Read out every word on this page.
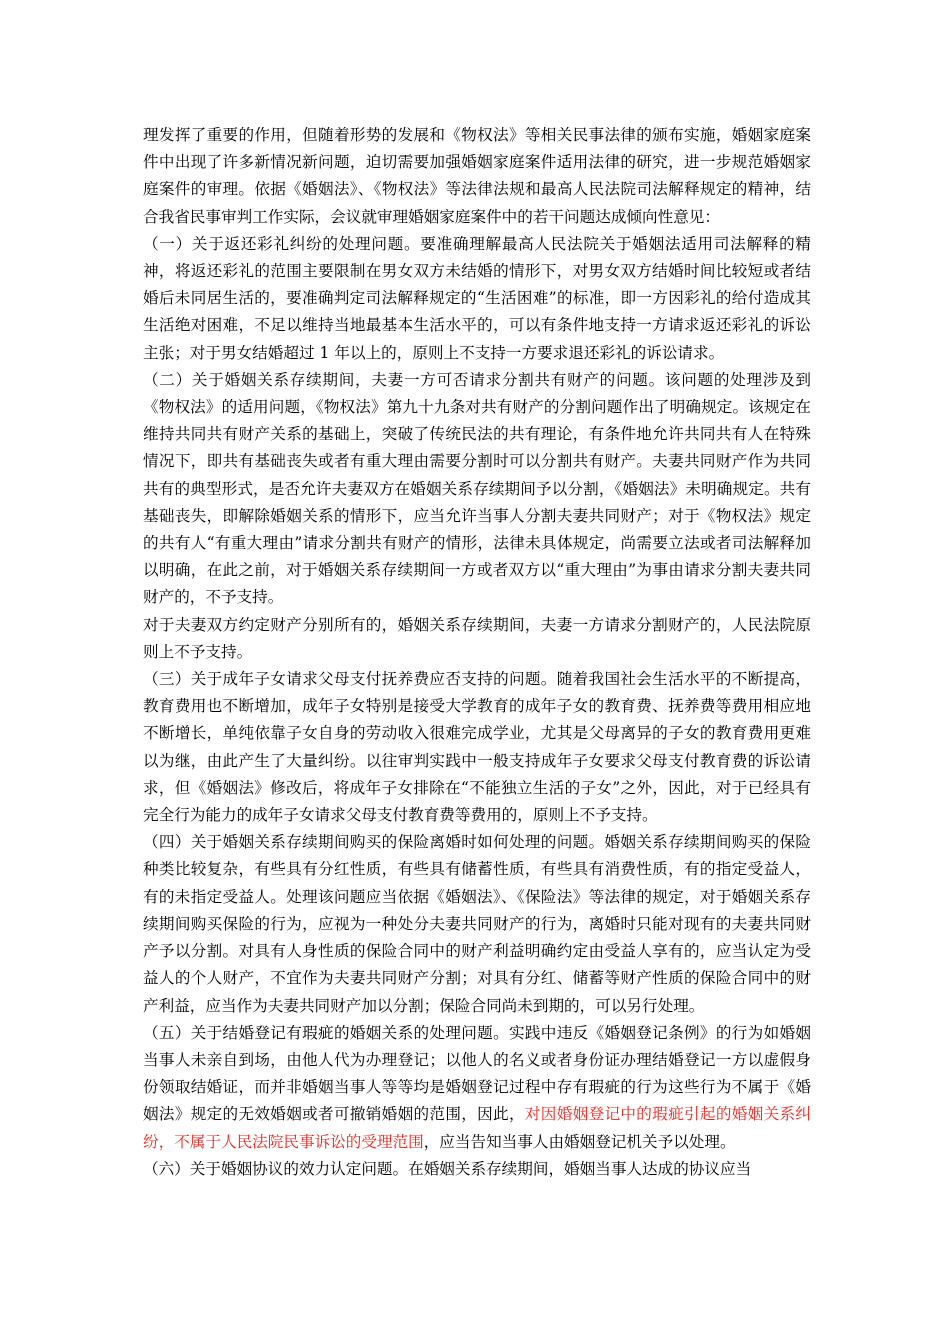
理发挥了重要的作用，但随着形势的发展和《物权法》等相关民事法律的颁布实施，婚姻家庭案件中出现了许多新情况新问题，迫切需要加强婚姻家庭案件适用法律的研究，进一步规范婚姻家庭案件的审理。依据《婚姻法》、《物权法》等法律法规和最高人民法院司法解释规定的精神，结合我省民事审判工作实际，会议就审理婚姻家庭案件中的若干问题达成倾向性意见：

（一）关于返还彩礼纠纷的处理问题。要准确理解最高人民法院关于婚姻法适用司法解释的精神，将返还彩礼的范围主要限制在男女双方未结婚的情形下，对男女双方结婚时间比较短或者结婚后未同居生活的，要准确判定司法解释规定的“生活困难”的标准，即一方因彩礼的给付造成其生活绝对困难，不足以维持当地最基本生活水平的，可以有条件地支持一方请求返还彩礼的诉讼主张；对于男女结婚超过 1 年以上的，原则上不支持一方要求退还彩礼的诉讼请求。

（二）关于婚姻关系存续期间，夫妻一方可否请求分割共有财产的问题。该问题的处理涉及到《物权法》的适用问题，《物权法》第九十九条对共有财产的分割问题作出了明确规定。该规定在维持共同共有财产关系的基础上，突破了传统民法的共有理论，有条件地允许共同共有人在特殊情况下，即共有基础丧失或者有重大理由需要分割时可以分割共有财产。夫妻共同财产作为共同共有的典型形式，是否允许夫妻双方在婚姻关系存续期间予以分割，《婚姻法》未明确规定。共有基础丧失，即解除婚姻关系的情形下，应当允许当事人分割夫妻共同财产；对于《物权法》规定的共有人“有重大理由”请求分割共有财产的情形，法律未具体规定，尚需要立法或者司法解释加以明确，在此之前，对于婚姻关系存续期间一方或者双方以“重大理由”为事由请求分割夫妻共同财产的，不予支持。

对于夫妻双方约定财产分别所有的，婚姻关系存续期间，夫妻一方请求分割财产的，人民法院原则上不予支持。

（三）关于成年子女请求父母支付抚养费应否支持的问题。随着我国社会生活水平的不断提高，教育费用也不断增加，成年子女特别是接受大学教育的成年子女的教育费、抚养费等费用相应地不断增长，单纯依靠子女自身的劳动收入很难完成学业，尤其是父母离异的子女的教育费用更难以为继，由此产生了大量纠纷。以往审判实践中一般支持成年子女要求父母支付教育费的诉讼请求，但《婚姻法》修改后，将成年子女排除在“不能独立生活的子女”之外，因此，对于已经具有完全行为能力的成年子女请求父母支付教育费等费用的，原则上不予支持。

（四）关于婚姻关系存续期间购买的保险离婚时如何处理的问题。婚姻关系存续期间购买的保险种类比较复杂，有些具有分红性质，有些具有储蓄性质，有些具有消费性质，有的指定受益人，有的未指定受益人。处理该问题应当依据《婚姻法》、《保险法》等法律的规定，对于婚姻关系存续期间购买保险的行为，应视为一种处分夫妻共同财产的行为，离婚时只能对现有的夫妻共同财产予以分割。对具有人身性质的保险合同中的财产利益明确约定由受益人享有的，应当认定为受益人的个人财产，不宜作为夫妻共同财产分割；对具有分红、储蓄等财产性质的保险合同中的财产利益，应当作为夫妻共同财产加以分割；保险合同尚未到期的，可以另行处理。

（五）关于结婚登记有瑕疵的婚姻关系的处理问题。实践中违反《婚姻登记条例》的行为如婚姻当事人未亲自到场，由他人代为办理登记；以他人的名义或者身份证办理结婚登记一方以虚假身份领取结婚证，而并非婚姻当事人等等均是婚姻登记过程中存有瑕疵的行为这些行为不属于《婚姻法》规定的无效婚姻或者可撤销婚姻的范围，因此，对因婚姻登记中的瑕疵引起的婚姻关系纠纷，不属于人民法院民事诉讼的受理范围，应当告知当事人由婚姻登记机关予以处理。

（六）关于婚姻协议的效力认定问题。在婚姻关系存续期间，婚姻当事人达成的协议应当
